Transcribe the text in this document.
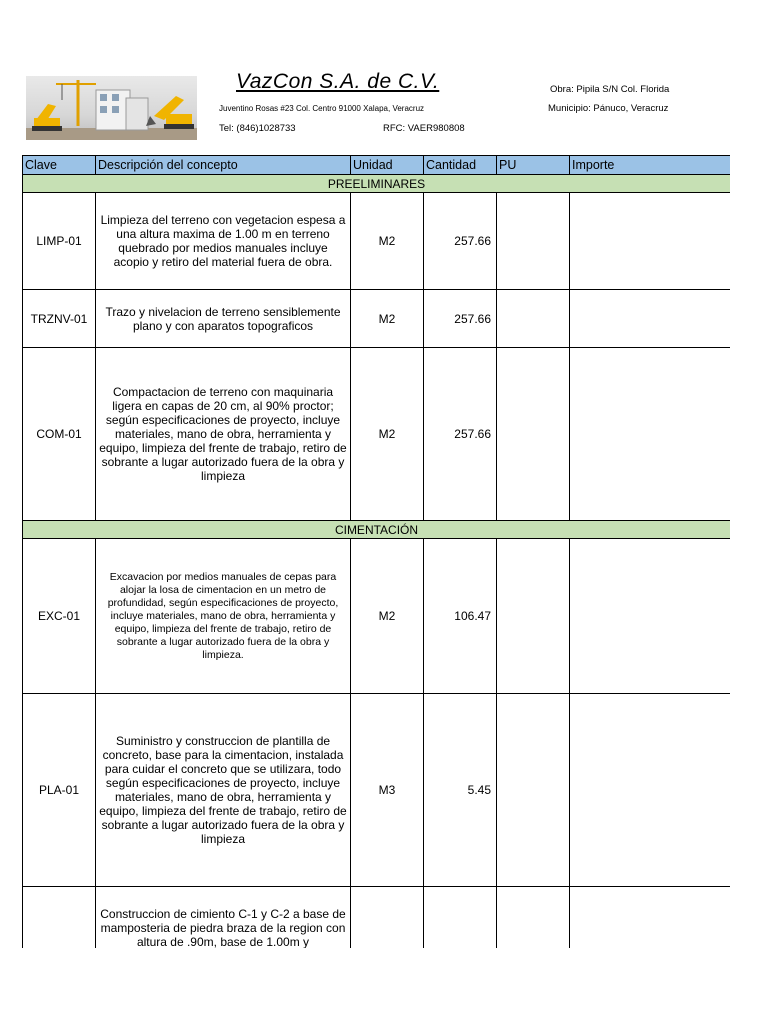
VazCon S.A. de C.V.
Juventino Rosas #23 Col. Centro 91000 Xalapa, Veracruz
Tel: (846)1028733	RFC: VAER980808
Obra: Pipila S/N Col. Florida
Municipio: Pánuco, Veracruz
Clave	Descripción del concepto	Unidad	Cantidad	PU	Importe
PREELIMINARES					
LIMP-01	Limpieza del terreno con vegetacion espesa a una altura maxima de 1.00 m en terreno quebrado por medios manuales incluye acopio y retiro del material fuera de obra.	M2	257.66		
TRZNV-01	Trazo y nivelacion de terreno sensiblemente plano y con aparatos topograficos	M2	257.66		
COM-01	Compactacion de terreno con maquinaria ligera en capas de 20 cm, al 90% proctor; según especificaciones de proyecto, incluye materiales, mano de obra, herramienta y equipo, limpieza del frente de trabajo, retiro de sobrante a lugar autorizado fuera de la obra y limpieza	M2	257.66		
CIMENTACIÓN					
EXC-01	Excavacion por medios manuales de cepas para alojar la losa de cimentacion en un metro de profundidad, según especificaciones de proyecto, incluye materiales, mano de obra, herramienta y equipo, limpieza del frente de trabajo, retiro de sobrante a lugar autorizado fuera de la obra y limpieza.	M2	106.47		
PLA-01	Suministro y construccion de plantilla de concreto, base para la cimentacion, instalada para cuidar el concreto que se utilizara, todo según especificaciones de proyecto, incluye materiales, mano de obra, herramienta y equipo, limpieza del frente de trabajo, retiro de sobrante a lugar autorizado fuera de la obra y limpieza	M3	5.45		
	Construccion de cimiento C-1 y C-2 a base de mamposteria de piedra braza de la region con altura de .90m, base de 1.00m y				
